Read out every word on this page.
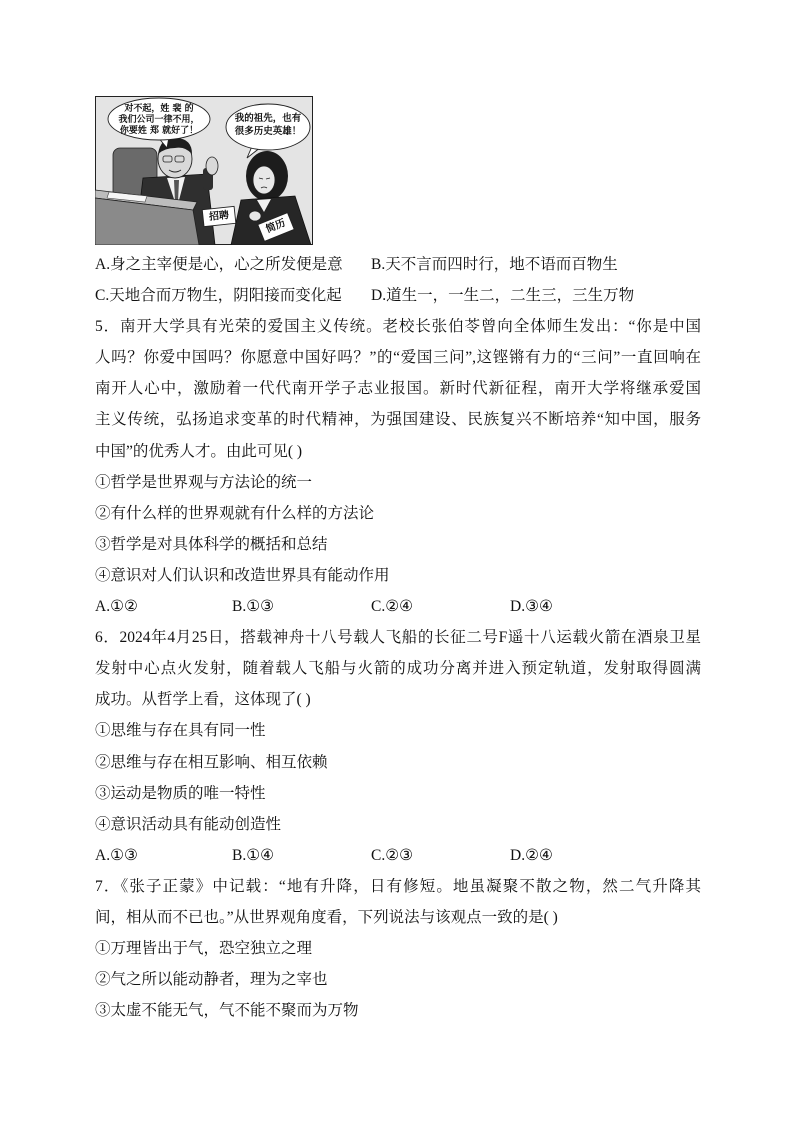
对不起，姓 裴 的
我们公司一律不用，
你要姓 郑 就好了！
我的祖先，也有
很多历史英雄！
招聘
简历
A.身之主宰便是心，心之所发便是意	B.天不言而四时行，地不语而百物生
C.天地合而万物生，阴阳接而变化起	D.道生一，一生二，二生三，三生万物
5．南开大学具有光荣的爱国主义传统。老校长张伯苓曾向全体师生发出：“你是中国
人吗？你爱中国吗？你愿意中国好吗？”的“爱国三问”,这铿锵有力的“三问”一直回响在
南开人心中，激励着一代代南开学子志业报国。新时代新征程，南开大学将继承爱国
主义传统，弘扬追求变革的时代精神，为强国建设、民族复兴不断培养“知中国，服务
中国”的优秀人才。由此可见( )
①哲学是世界观与方法论的统一
②有什么样的世界观就有什么样的方法论
③哲学是对具体科学的概括和总结
④意识对人们认识和改造世界具有能动作用
A.①②	B.①③	C.②④	D.③④
6．2024年4月25日，搭载神舟十八号载人飞船的长征二号F遥十八运载火箭在酒泉卫星
发射中心点火发射，随着载人飞船与火箭的成功分离并进入预定轨道，发射取得圆满
成功。从哲学上看，这体现了( )
①思维与存在具有同一性
②思维与存在相互影响、相互依赖
③运动是物质的唯一特性
④意识活动具有能动创造性
A.①③	B.①④	C.②③	D.②④
7．《张子正蒙》中记载：“地有升降，日有修短。地虽凝聚不散之物，然二气升降其
间，相从而不已也。”从世界观角度看，下列说法与该观点一致的是( )
①万理皆出于气，恐空独立之理
②气之所以能动静者，理为之宰也
③太虚不能无气，气不能不聚而为万物
